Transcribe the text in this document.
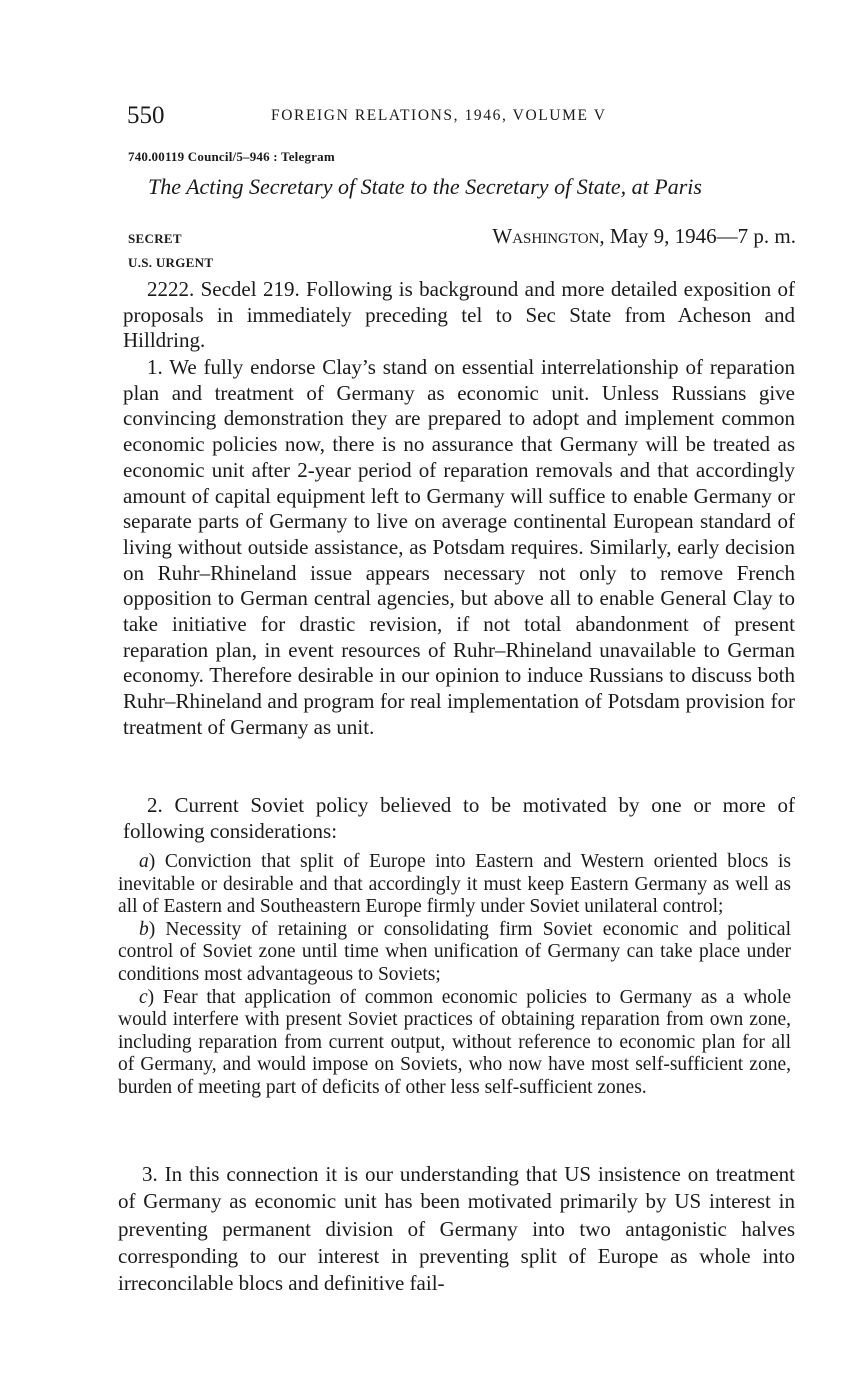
550	FOREIGN RELATIONS, 1946, VOLUME V
740.00119 Council/5–946 : Telegram
The Acting Secretary of State to the Secretary of State, at Paris
SECRET	Washington, May 9, 1946—7 p. m.
U.S. URGENT

2222. Secdel 219. Following is background and more detailed exposition of proposals in immediately preceding tel to Sec State from Acheson and Hilldring.

1. We fully endorse Clay’s stand on essential interrelationship of reparation plan and treatment of Germany as economic unit. Unless Russians give convincing demonstration they are prepared to adopt and implement common economic policies now, there is no assurance that Germany will be treated as economic unit after 2-year period of reparation removals and that accordingly amount of capital equipment left to Germany will suffice to enable Germany or separate parts of Germany to live on average continental European standard of living without outside assistance, as Potsdam requires. Similarly, early decision on Ruhr–Rhineland issue appears necessary not only to remove French opposition to German central agencies, but above all to enable General Clay to take initiative for drastic revision, if not total abandonment of present reparation plan, in event resources of Ruhr–Rhineland unavailable to German economy. Therefore desirable in our opinion to induce Russians to discuss both Ruhr–Rhineland and program for real implementation of Potsdam provision for treatment of Germany as unit.

2. Current Soviet policy believed to be motivated by one or more of following considerations:

a) Conviction that split of Europe into Eastern and Western oriented blocs is inevitable or desirable and that accordingly it must keep Eastern Germany as well as all of Eastern and Southeastern Europe firmly under Soviet unilateral control;

b) Necessity of retaining or consolidating firm Soviet economic and political control of Soviet zone until time when unification of Germany can take place under conditions most advantageous to Soviets;

c) Fear that application of common economic policies to Germany as a whole would interfere with present Soviet practices of obtaining reparation from own zone, including reparation from current output, without reference to economic plan for all of Germany, and would impose on Soviets, who now have most self-sufficient zone, burden of meeting part of deficits of other less self-sufficient zones.

3. In this connection it is our understanding that US insistence on treatment of Germany as economic unit has been motivated primarily by US interest in preventing permanent division of Germany into two antagonistic halves corresponding to our interest in preventing split of Europe as whole into irreconcilable blocs and definitive fail-
